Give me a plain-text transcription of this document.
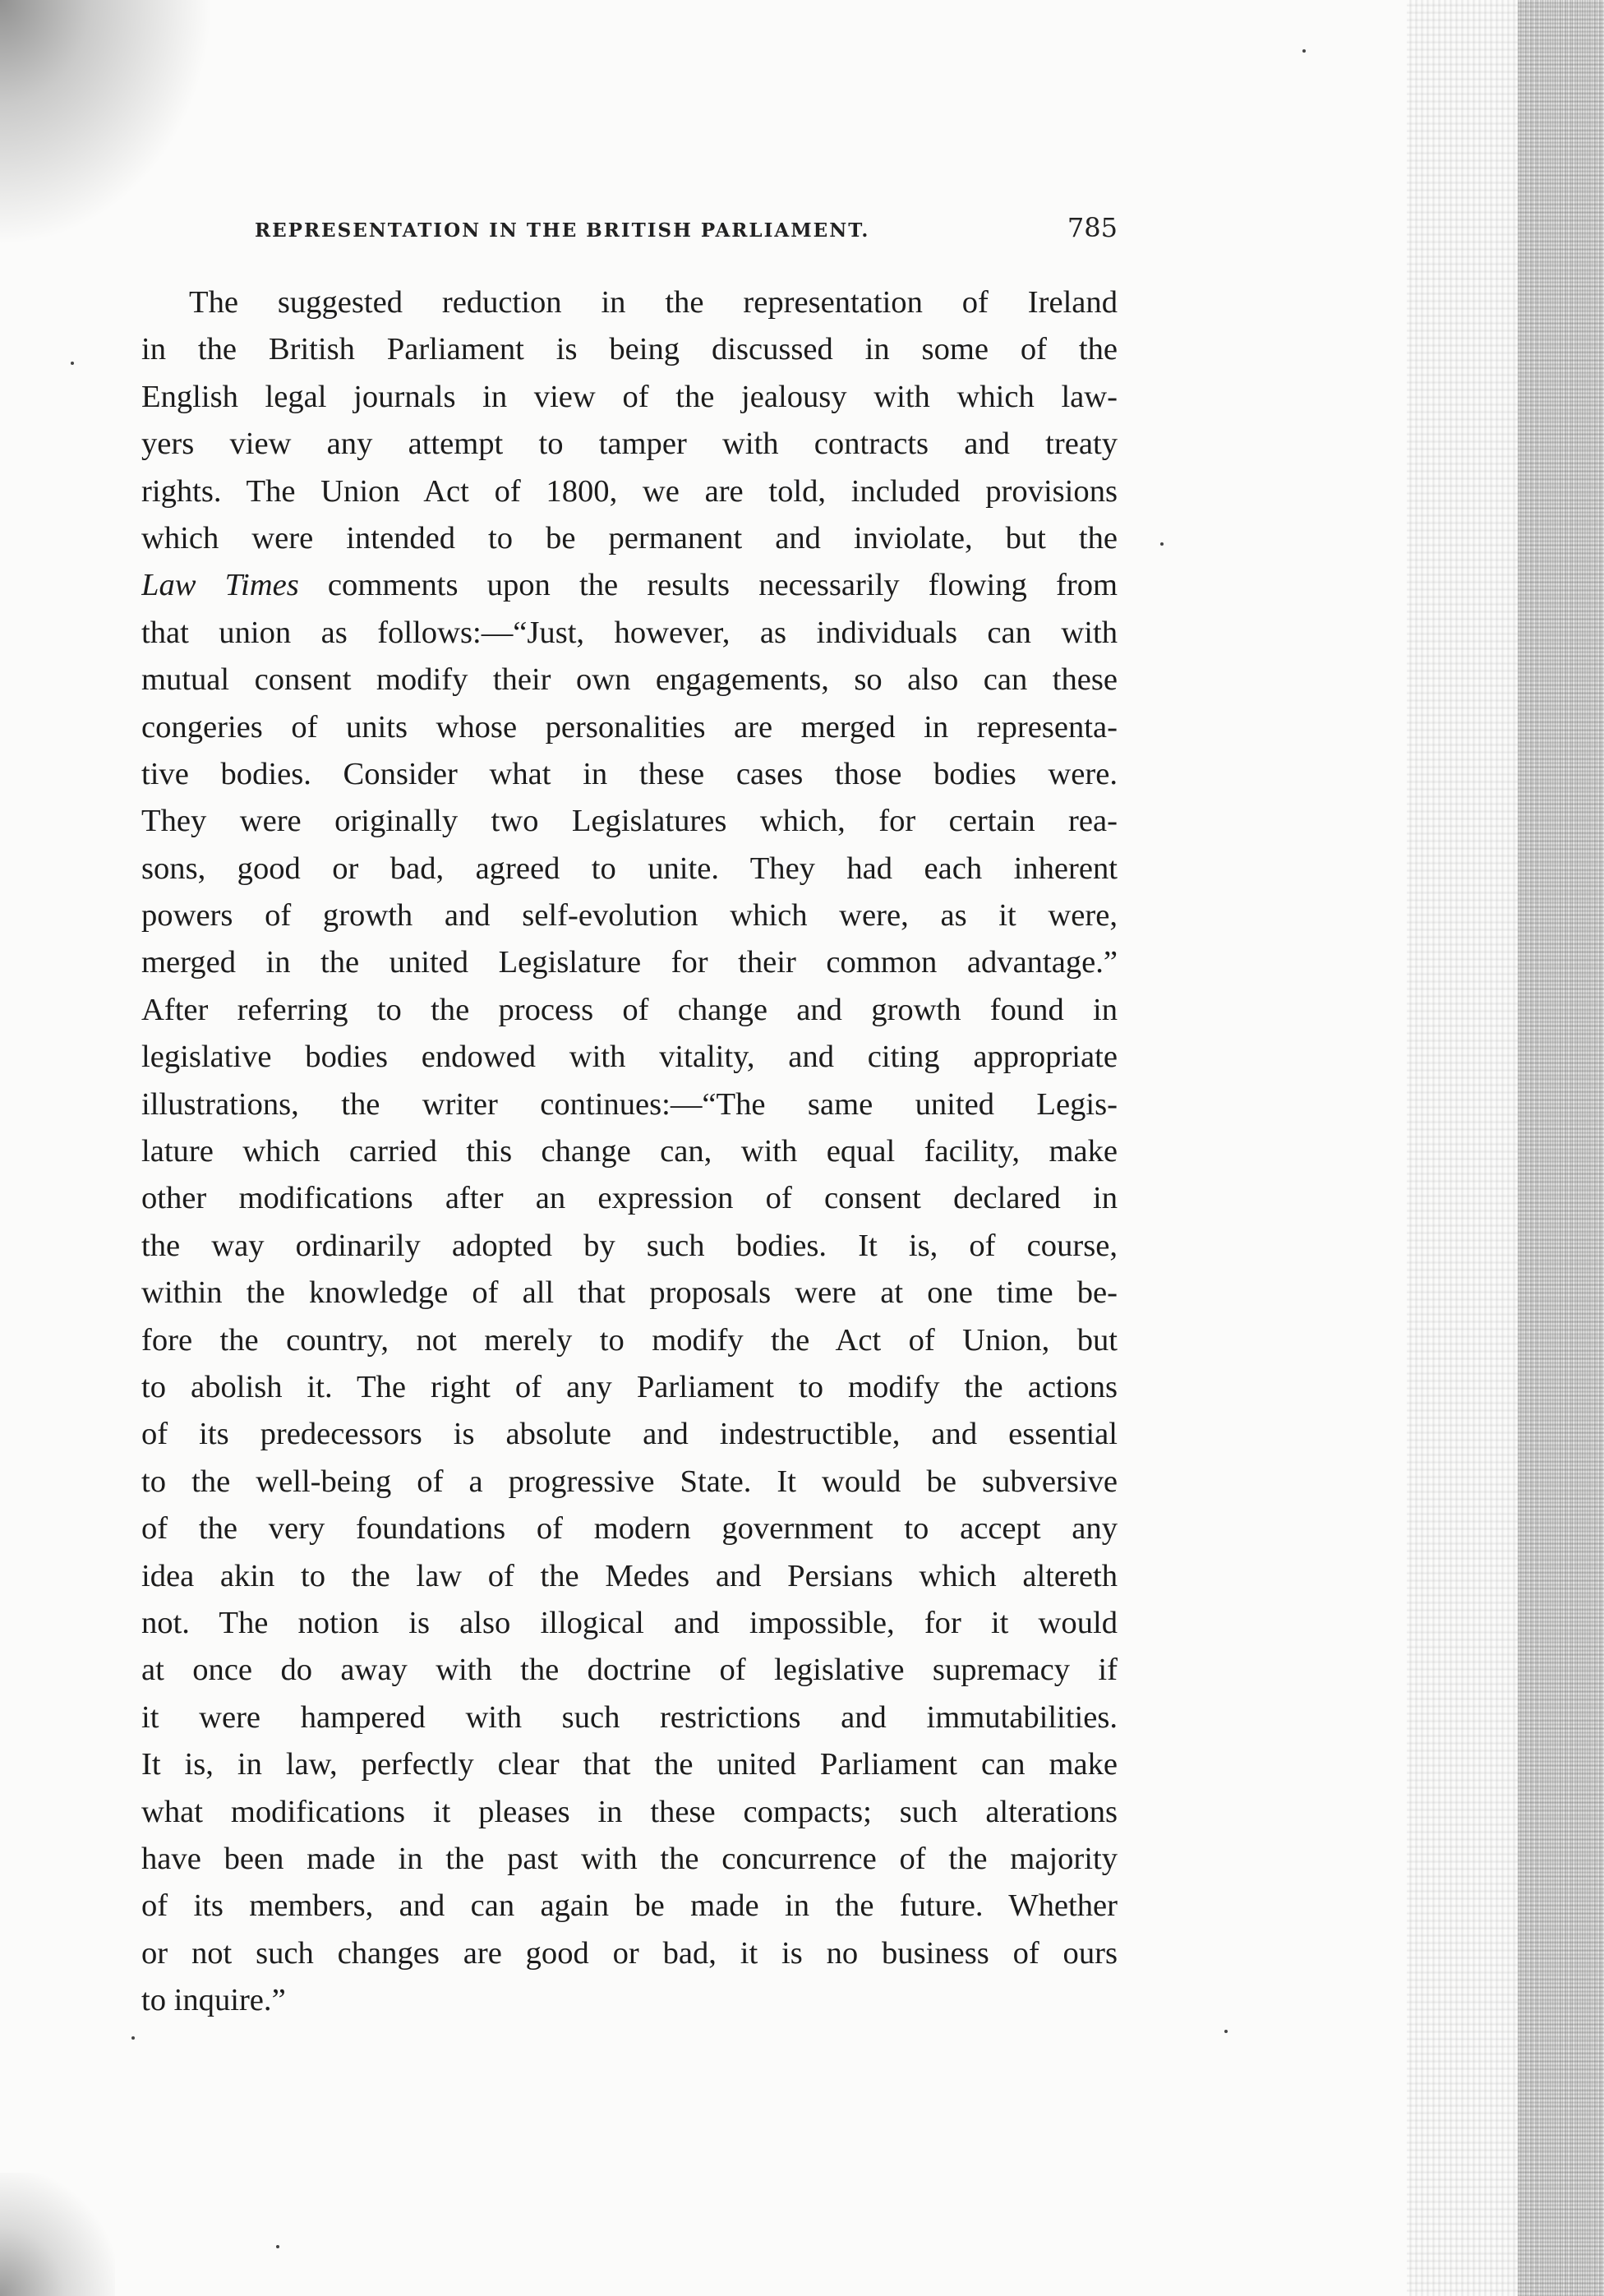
REPRESENTATION IN THE BRITISH PARLIAMENT.	785
The suggested reduction in the representation of Ireland
in the British Parliament is being discussed in some of the
English legal journals in view of the jealousy with which law-
yers view any attempt to tamper with contracts and treaty
rights. The Union Act of 1800, we are told, included provisions
which were intended to be permanent and inviolate, but the
Law Times comments upon the results necessarily flowing from
that union as follows:—“Just, however, as individuals can with
mutual consent modify their own engagements, so also can these
congeries of units whose personalities are merged in representa-
tive bodies. Consider what in these cases those bodies were.
They were originally two Legislatures which, for certain rea-
sons, good or bad, agreed to unite. They had each inherent
powers of growth and self-evolution which were, as it were,
merged in the united Legislature for their common advantage.”
After referring to the process of change and growth found in
legislative bodies endowed with vitality, and citing appropriate
illustrations, the writer continues:—“The same united Legis-
lature which carried this change can, with equal facility, make
other modifications after an expression of consent declared in
the way ordinarily adopted by such bodies. It is, of course,
within the knowledge of all that proposals were at one time be-
fore the country, not merely to modify the Act of Union, but
to abolish it. The right of any Parliament to modify the actions
of its predecessors is absolute and indestructible, and essential
to the well-being of a progressive State. It would be subversive
of the very foundations of modern government to accept any
idea akin to the law of the Medes and Persians which altereth
not. The notion is also illogical and impossible, for it would
at once do away with the doctrine of legislative supremacy if
it were hampered with such restrictions and immutabilities.
It is, in law, perfectly clear that the united Parliament can make
what modifications it pleases in these compacts; such alterations
have been made in the past with the concurrence of the majority
of its members, and can again be made in the future. Whether
or not such changes are good or bad, it is no business of ours
to inquire.”
